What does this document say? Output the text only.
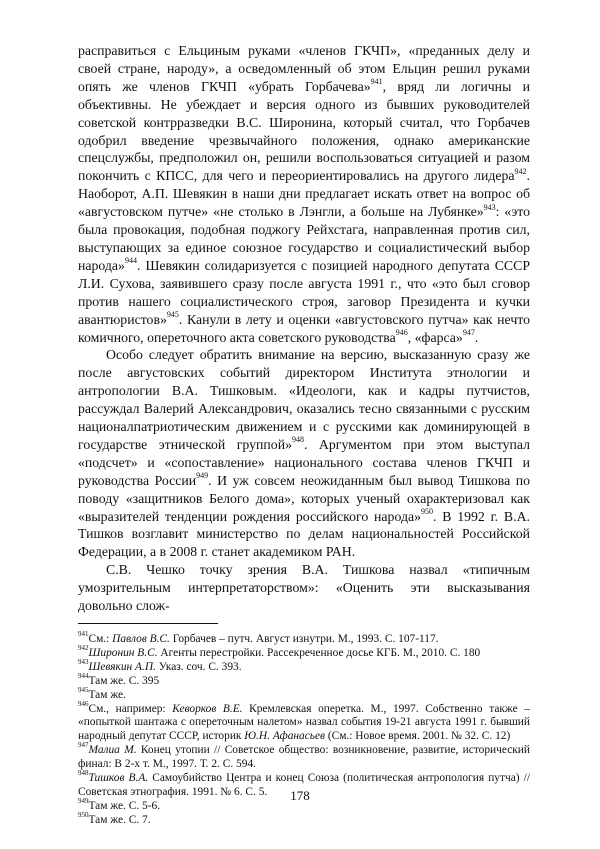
расправиться с Ельциным руками «членов ГКЧП», «преданных делу и своей стране, народу», а осведомленный об этом Ельцин решил руками опять же членов ГКЧП «убрать Горбачева»$^{941}$, вряд ли логичны и объективны. Не убеждает и версия одного из бывших руководителей советской контрразведки В.С. Широнина, который считал, что Горбачев одобрил введение чрезвычайного положения, однако американские спецслужбы, предположил он, решили воспользоваться ситуацией и разом покончить с КПСС, для чего и переориентировались на другого лидера$^{942}$. Наоборот, А.П. Шевякин в наши дни предлагает искать ответ на вопрос об «августовском путче» «не столько в Лэнгли, а больше на Лубянке»$^{943}$: «это была провокация, подобная поджогу Рейхстага, направленная против сил, выступающих за единое союзное государство и социалистический выбор народа»$^{944}$. Шевякин солидаризуется с позицией народного депутата СССР Л.И. Сухова, заявившего сразу после августа 1991 г., что «это был сговор против нашего социалистического строя, заговор Президента и кучки авантюристов»$^{945}$. Канули в лету и оценки «августовского путча» как нечто комичного, опереточного акта советского руководства$^{946}$, «фарса»$^{947}$.

Особо следует обратить внимание на версию, высказанную сразу же после августовских событий директором Института этнологии и антропологии В.А. Тишковым. «Идеологи, как и кадры путчистов, рассуждал Валерий Александрович, оказались тесно связанными с русским националпатриотическим движением и с русскими как доминирующей в государстве этнической группой»$^{948}$. Аргументом при этом выступал «подсчет» и «сопоставление» национального состава членов ГКЧП и руководства России$^{949}$. И уж совсем неожиданным был вывод Тишкова по поводу «защитников Белого дома», которых ученый охарактеризовал как «выразителей тенденции рождения российского народа»$^{950}$. В 1992 г. В.А. Тишков возглавит министерство по делам национальностей Российской Федерации, а в 2008 г. станет академиком РАН.

С.В. Чешко точку зрения В.А. Тишкова назвал «типичным умозрительным интерпретаторством»: «Оценить эти высказывания довольно слож-

$^{941}$См.: Павлов В.С. Горбачев – путч. Август изнутри. М., 1993. С. 107-117.

$^{942}$Широнин В.С. Агенты перестройки. Рассекреченное досье КГБ. М., 2010. С. 180

$^{943}$Шевякин А.П. Указ. соч. С. 393.

$^{944}$Там же. С. 395

$^{945}$Там же.

$^{946}$См., например: Кеворков В.Е. Кремлевская оперетка. М., 1997. Собственно также – «попыткой шантажа с опереточным налетом» назвал события 19-21 августа 1991 г. бывший народный депутат СССР, историк Ю.Н. Афанасьев (См.: Новое время. 2001. № 32. С. 12)

$^{947}$Малиа М. Конец утопии // Советское общество: возникновение, развитие, исторический финал: В 2-х т. М., 1997. Т. 2. С. 594.

$^{948}$Тишков В.А. Самоубийство Центра и конец Союза (политическая антропология путча) // Советская этнография. 1991. № 6. С. 5.

$^{949}$Там же. С. 5-6.

$^{950}$Там же. С. 7.

178
